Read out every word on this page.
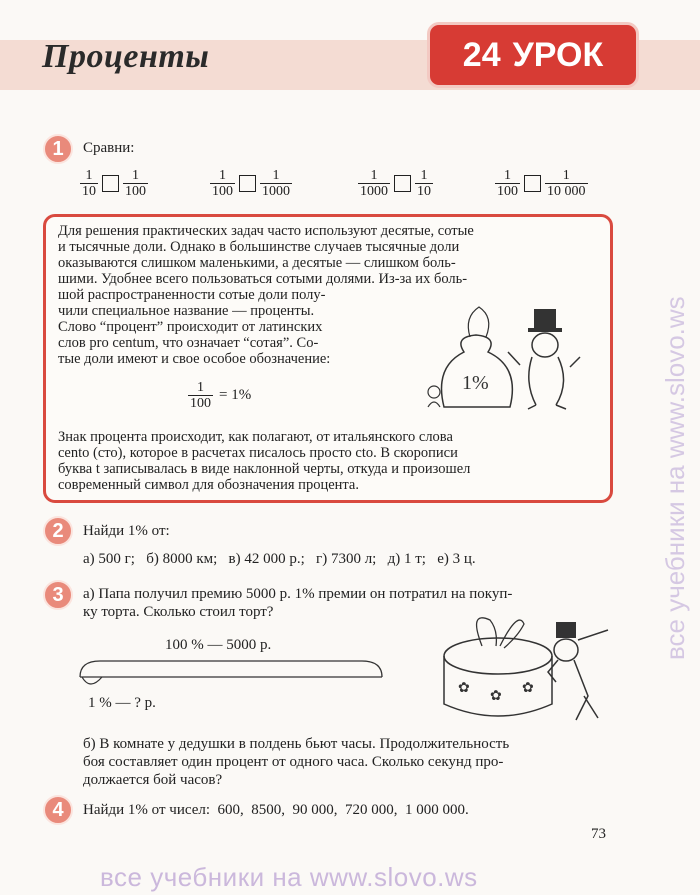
Проценты	24 УРОК
1	Сравни:
$\frac{1}{10} \frac{1}{100}$	$\frac{1}{100} \frac{1}{1000}$	$\frac{1}{1000} \frac{1}{10}$	$\frac{1}{100} \frac{1}{10 000}$
Для решения практических задач часто используют десятые, сотые
и тысячные доли. Однако в большинстве случаев тысячные доли
оказываются слишком маленькими, а десятые — слишком боль-
шими. Удобнее всего пользоваться сотыми долями. Из-за их боль-
шой распространенности сотые доли полу-
чили специальное название — проценты.
Слово “процент” происходит от латинских
слов pro centum, что означает “сотая”. Со-
тые доли имеют и свое особое обозначение:
$\frac{1}{100} = 1\%$
1%
Знак процента происходит, как полагают, от итальянского слова
cento (сто), которое в расчетах писалось просто cto. В скорописи
буква t записывалась в виде наклонной черты, откуда и произошел
современный символ для обозначения процента.
2	Найди 1% от:
а) 500 г;   б) 8000 км;   в) 42 000 р.;   г) 7300 л;   д) 1 т;   е) 3 ц.
3	а) Папа получил премию 5000 р. 1% премии он потратил на покуп-
ку торта. Сколько стоил торт?
100 % — 5000 р.
1 % — ? р.
✿
✿
✿
б) В комнате у дедушки в полдень бьют часы. Продолжительность
боя составляет один процент от одного часа. Сколько секунд про-
должается бой часов?
4	Найди 1% от чисел:  600,  8500,  90 000,  720 000,  1 000 000.
73
все учебники на www.slovo.ws
все учебники на www.slovo.ws
